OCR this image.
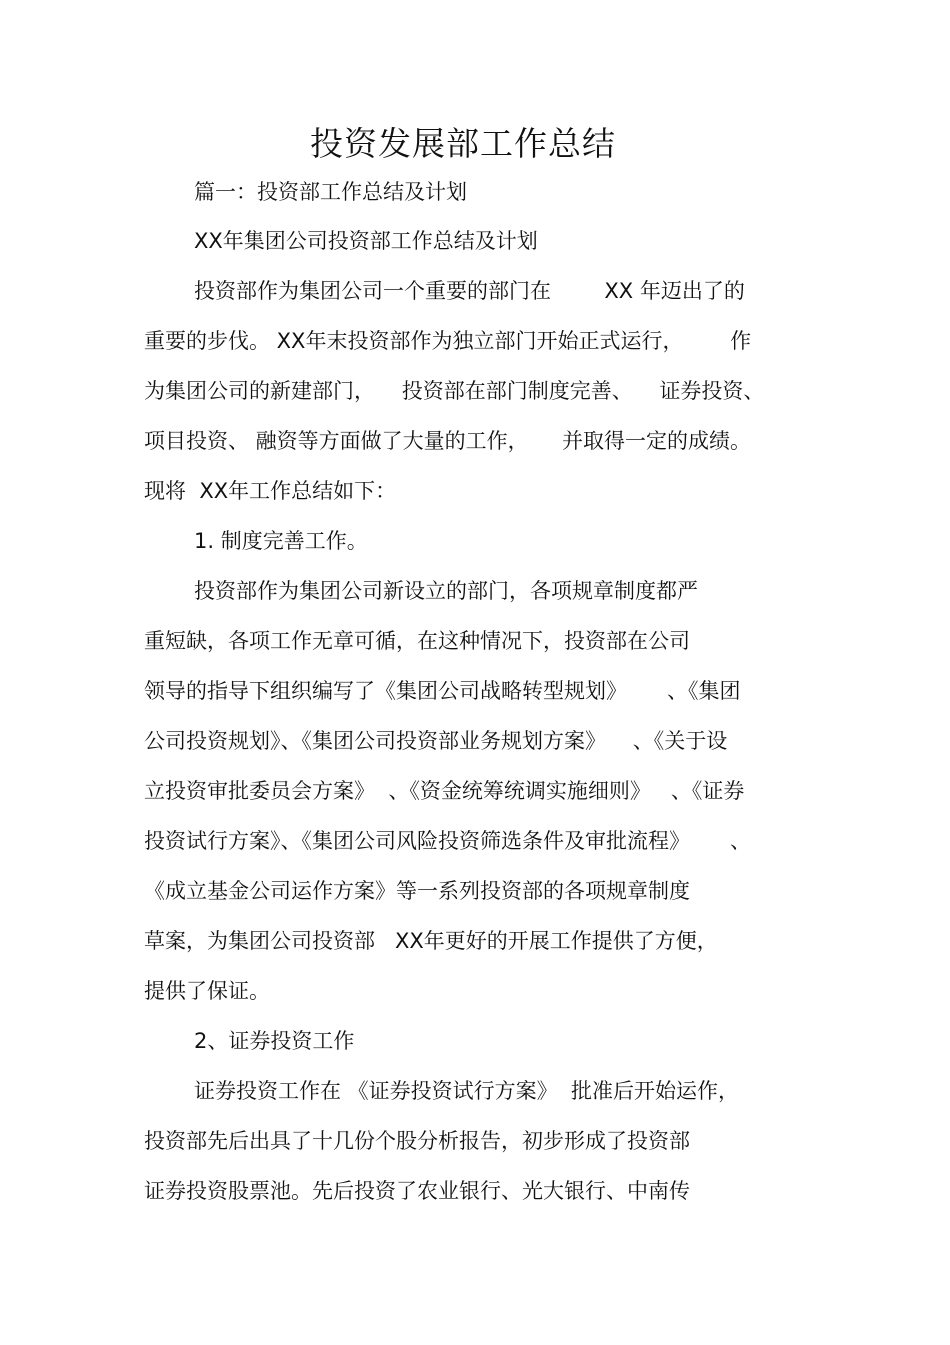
投资发展部工作总结
篇一：投资部工作总结及计划
XX年集团公司投资部工作总结及计划
投资部作为集团公司一个重要的部门在        XX 年迈出了的
重要的步伐。 XX年末投资部作为独立部门开始正式运行，       作
为集团公司的新建部门，    投资部在部门制度完善、    证券投资、
项目投资、 融资等方面做了大量的工作，     并取得一定的成绩。
现将  XX年工作总结如下：
1. 制度完善工作。
投资部作为集团公司新设立的部门，各项规章制度都严
重短缺，各项工作无章可循，在这种情况下，投资部在公司
领导的指导下组织编写了《集团公司战略转型规划》      、《集团
公司投资规划》、《集团公司投资部业务规划方案》    、《关于设
立投资审批委员会方案》  、《资金统筹统调实施细则》   、《证券
投资试行方案》、《集团公司风险投资筛选条件及审批流程》      、
《成立基金公司运作方案》等一系列投资部的各项规章制度
草案，为集团公司投资部   XX年更好的开展工作提供了方便，
提供了保证。
2、证券投资工作
证券投资工作在 《证券投资试行方案》  批准后开始运作，
投资部先后出具了十几份个股分析报告，初步形成了投资部
证券投资股票池。先后投资了农业银行、光大银行、中南传
